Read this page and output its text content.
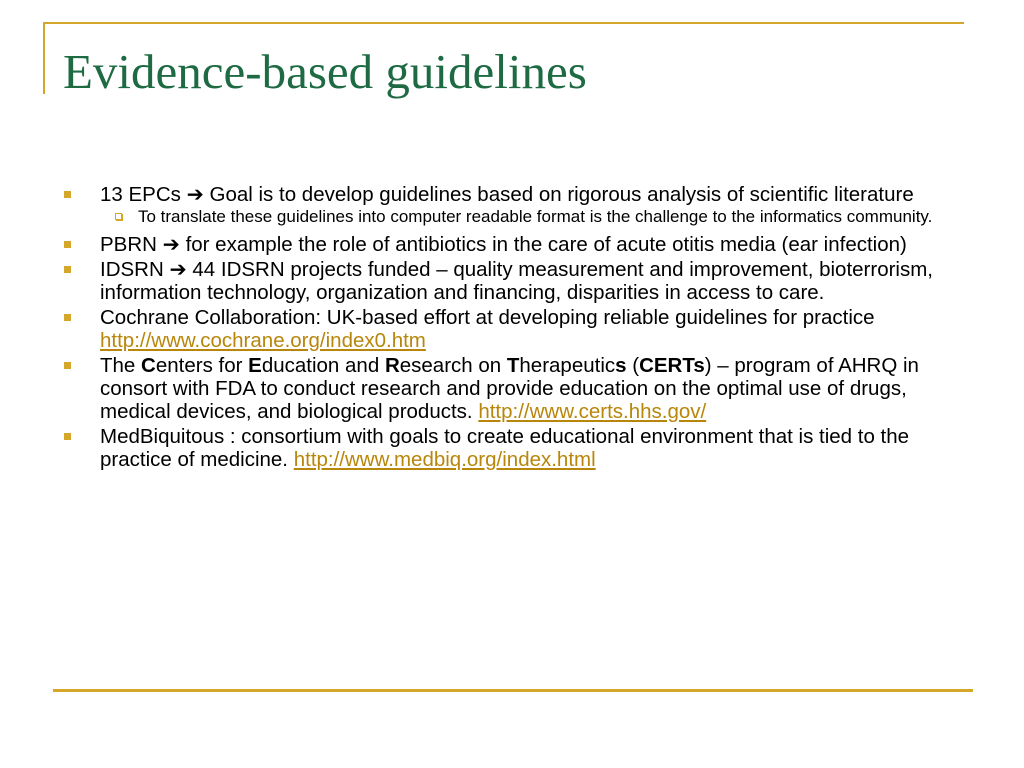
Evidence-based guidelines
13 EPCs ➔ Goal is to develop guidelines based on rigorous analysis of scientific literature
To translate these guidelines into computer readable format is the challenge to the informatics community.
PBRN ➔ for example the role of antibiotics in the care of acute otitis media (ear infection)
IDSRN ➔ 44 IDSRN projects funded – quality measurement and improvement, bioterrorism, information technology, organization and financing, disparities in access to care.
Cochrane Collaboration: UK-based effort at developing reliable guidelines for practice http://www.cochrane.org/index0.htm
The Centers for Education and Research on Therapeutics (CERTs) – program of AHRQ in consort with FDA to conduct research and provide education on the optimal use of drugs, medical devices, and biological products. http://www.certs.hhs.gov/
MedBiquitous : consortium with goals to create educational environment that is tied to the practice of medicine. http://www.medbiq.org/index.html
